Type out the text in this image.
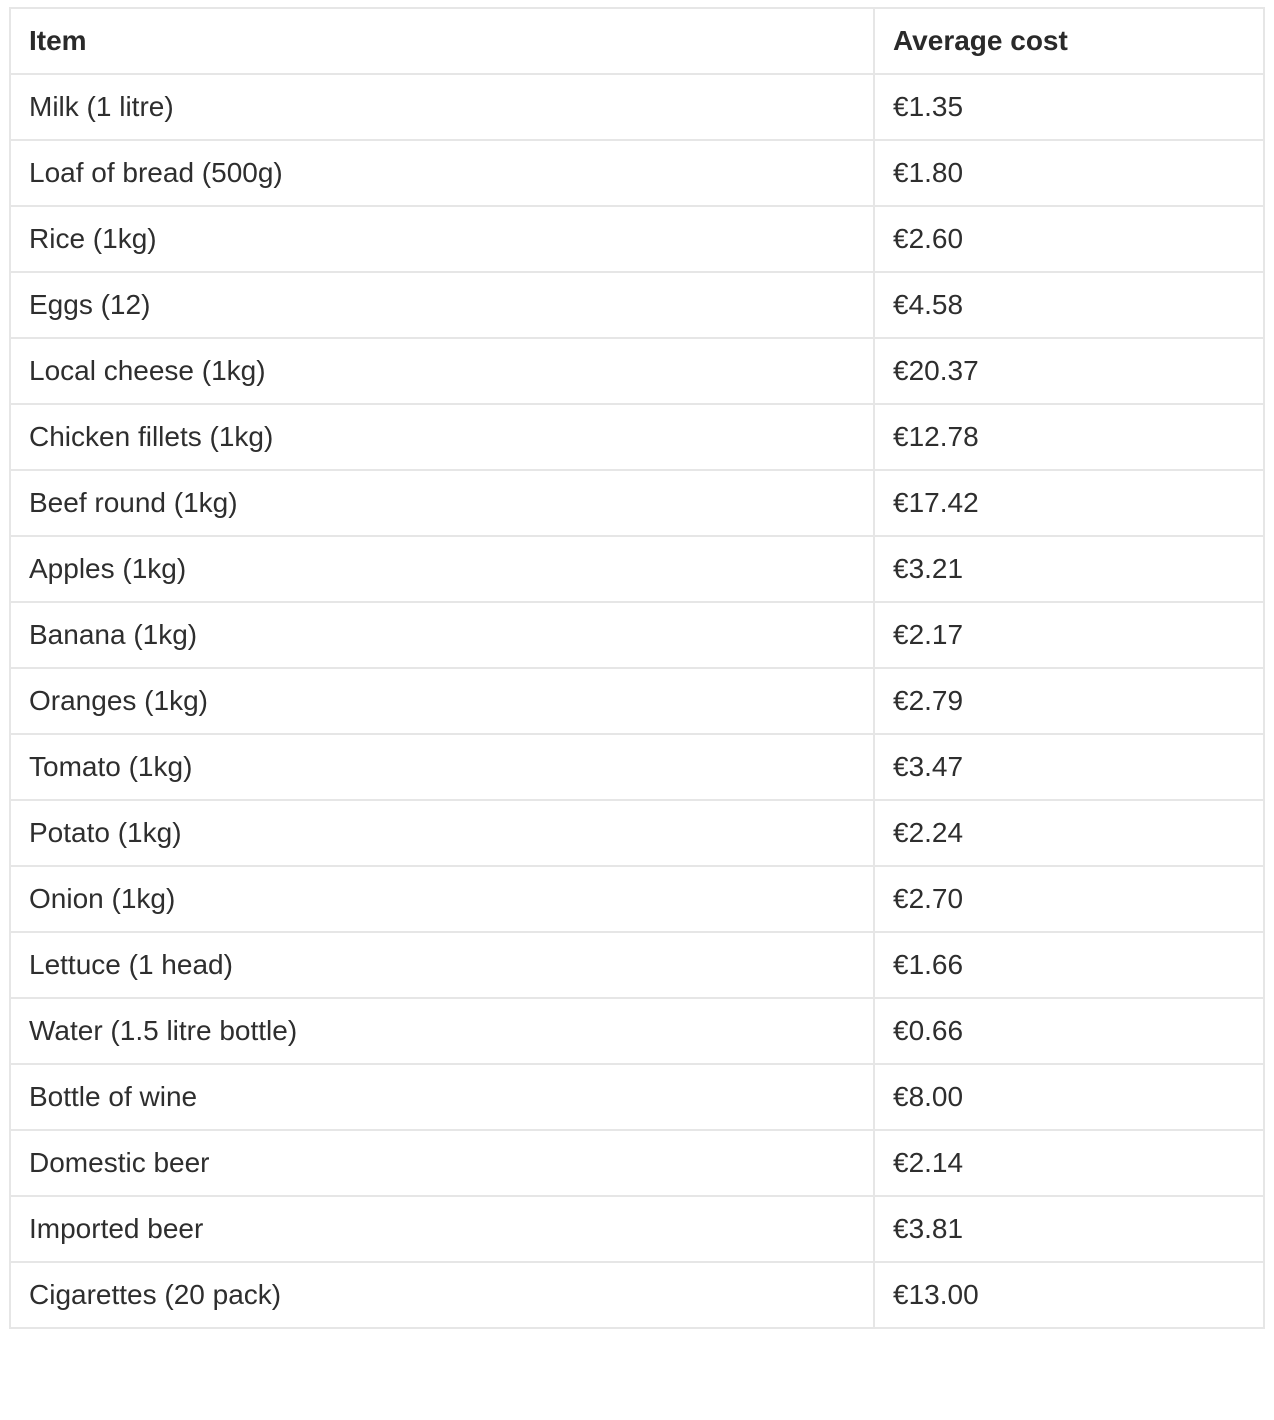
Item	Average cost
Milk (1 litre)	€1.35
Loaf of bread (500g)	€1.80
Rice (1kg)	€2.60
Eggs (12)	€4.58
Local cheese (1kg)	€20.37
Chicken fillets (1kg)	€12.78
Beef round (1kg)	€17.42
Apples (1kg)	€3.21
Banana (1kg)	€2.17
Oranges (1kg)	€2.79
Tomato (1kg)	€3.47
Potato (1kg)	€2.24
Onion (1kg)	€2.70
Lettuce (1 head)	€1.66
Water (1.5 litre bottle)	€0.66
Bottle of wine	€8.00
Domestic beer	€2.14
Imported beer	€3.81
Cigarettes (20 pack)	€13.00
